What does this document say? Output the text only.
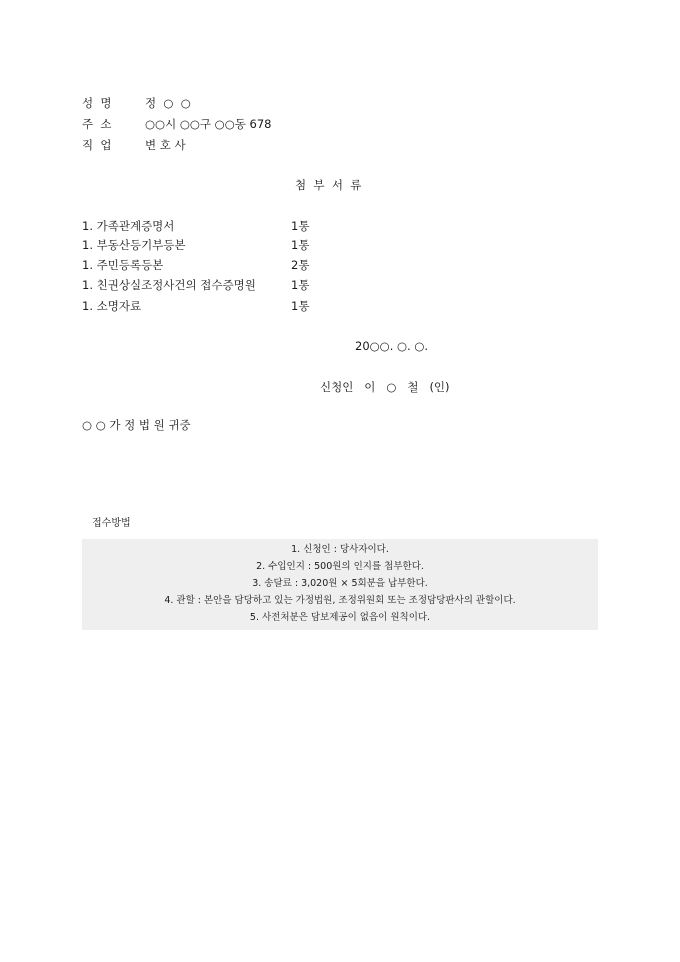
성  명	정  ○  ○
주  소	○○시 ○○구 ○○동 678
직  업	변 호 사
첨  부  서  류
1. 가족관계증명서	1통
1. 부동산등기부등본	1통
1. 주민등록등본	2통
1. 친권상실조정사건의 접수증명원	1통
1. 소명자료	1통
20○○. ○. ○.
신청인   이   ○   철   (인)
○ ○ 가 정 법 원 귀중
접수방법
1. 신청인 : 당사자이다.
2. 수입인지 : 500원의 인지를 첩부한다.
3. 송달료 : 3,020원 × 5회분을 납부한다.
4. 관할 : 본안을 담당하고 있는 가정법원, 조정위원회 또는 조정담당판사의 관할이다.
5. 사전처분은 담보제공이 없음이 원칙이다.
